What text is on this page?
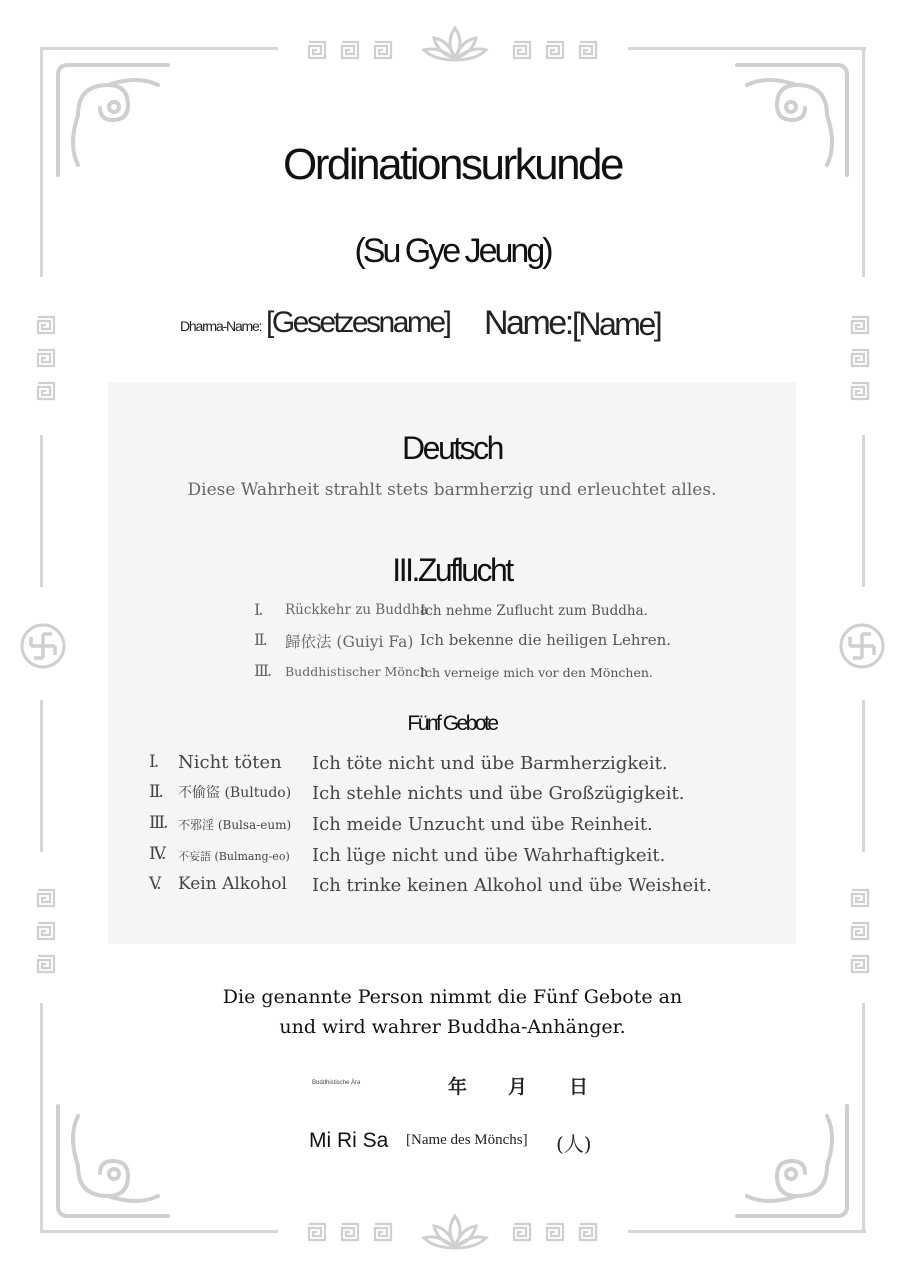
Ordinationsurkunde
(Su Gye Jeung)
Dharma-Name: [Gesetzesname] Name: [Name]
Deutsch
Diese Wahrheit strahlt stets barmherzig und erleuchtet alles.
III.Zuflucht
I. Rückkehr zu Buddha
Ich nehme Zuflucht zum Buddha.
II. 歸依法 (Guiyi Fa) Ich bekenne die heiligen Lehren.
III. Buddhistischer Mönch
Ich verneige mich vor den Mönchen.
Fünf Gebote
I. Nicht töten Ich töte nicht und übe Barmherzigkeit.
II. 不偷盜 (Bultudo) Ich stehle nichts und übe Großzügigkeit.
III. 不邪淫 (Bulsa-eum) Ich meide Unzucht und übe Reinheit.
IV. 不妄語 (Bulmang-eo) Ich lüge nicht und übe Wahrhaftigkeit.
V. Kein Alkohol Ich trinke keinen Alkohol und übe Weisheit.
Die genannte Person nimmt die Fünf Gebote an
und wird wahrer Buddha-Anhänger.
Buddhistische Ära	年 月 日
Mi Ri Sa [Name des Mönchs] (人)
